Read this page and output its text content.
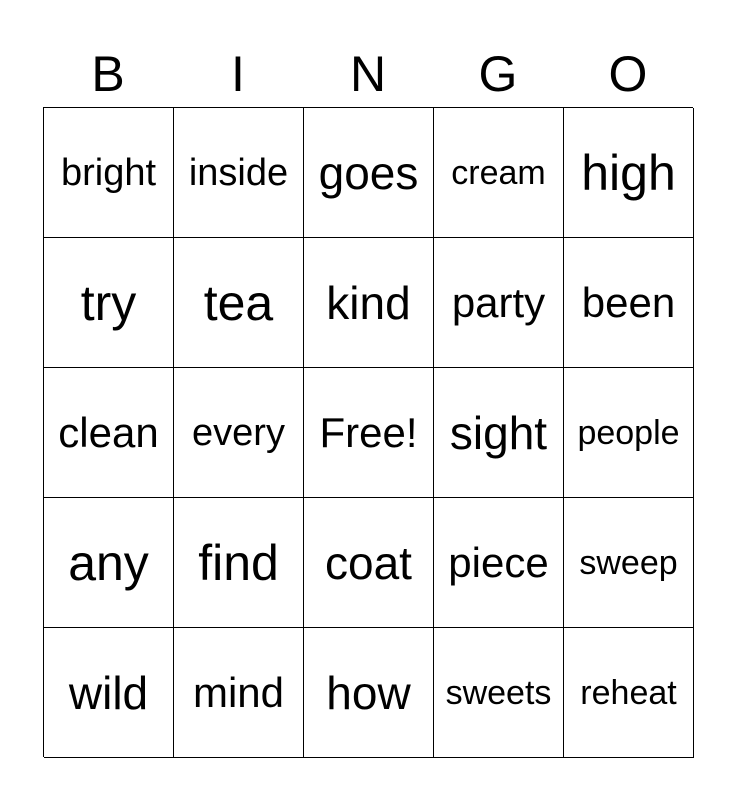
B	I	N	G	O
bright inside goes cream high
try	tea	kind party been
clean every Free! sight people
any find	coat piece sweep
wild	mind how	sweets reheat
